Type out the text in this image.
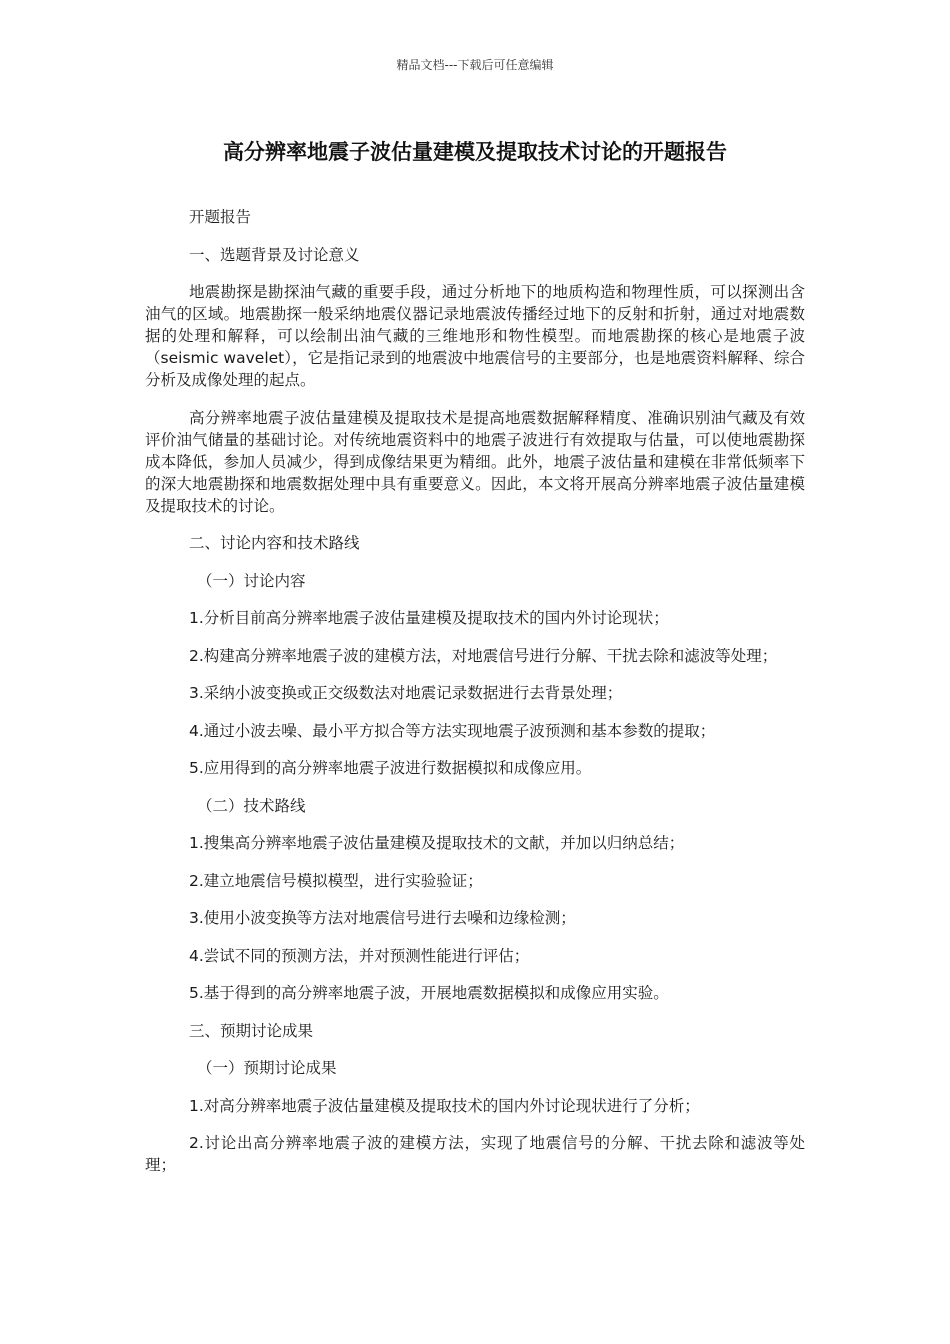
精品文档---下载后可任意编辑
高分辨率地震子波估量建模及提取技术讨论的开题报告
开题报告
一、选题背景及讨论意义
地震勘探是勘探油气藏的重要手段，通过分析地下的地质构造和物理性质，可以探测出含油气的区域。地震勘探一般采纳地震仪器记录地震波传播经过地下的反射和折射，通过对地震数据的处理和解释，可以绘制出油气藏的三维地形和物性模型。而地震勘探的核心是地震子波（seismic wavelet），它是指记录到的地震波中地震信号的主要部分，也是地震资料解释、综合分析及成像处理的起点。
高分辨率地震子波估量建模及提取技术是提高地震数据解释精度、准确识别油气藏及有效评价油气储量的基础讨论。对传统地震资料中的地震子波进行有效提取与估量，可以使地震勘探成本降低，参加人员减少，得到成像结果更为精细。此外，地震子波估量和建模在非常低频率下的深大地震勘探和地震数据处理中具有重要意义。因此，本文将开展高分辨率地震子波估量建模及提取技术的讨论。
二、讨论内容和技术路线
（一）讨论内容
1.分析目前高分辨率地震子波估量建模及提取技术的国内外讨论现状；
2.构建高分辨率地震子波的建模方法，对地震信号进行分解、干扰去除和滤波等处理；
3.采纳小波变换或正交级数法对地震记录数据进行去背景处理；
4.通过小波去噪、最小平方拟合等方法实现地震子波预测和基本参数的提取；
5.应用得到的高分辨率地震子波进行数据模拟和成像应用。
（二）技术路线
1.搜集高分辨率地震子波估量建模及提取技术的文献，并加以归纳总结；
2.建立地震信号模拟模型，进行实验验证；
3.使用小波变换等方法对地震信号进行去噪和边缘检测；
4.尝试不同的预测方法，并对预测性能进行评估；
5.基于得到的高分辨率地震子波，开展地震数据模拟和成像应用实验。
三、预期讨论成果
（一）预期讨论成果
1.对高分辨率地震子波估量建模及提取技术的国内外讨论现状进行了分析；
2.讨论出高分辨率地震子波的建模方法，实现了地震信号的分解、干扰去除和滤波等处理；
